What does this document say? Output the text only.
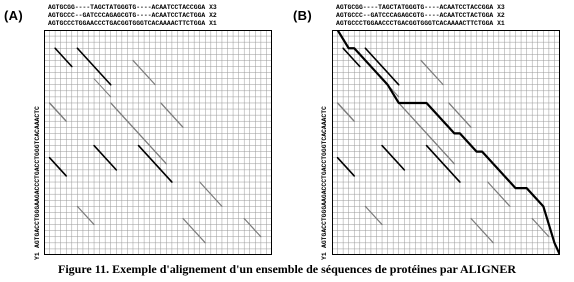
(A)
AGTGCGG----TAGCTATGGGTG----ACAATCCTACCGGA X3
AGTGCCC--GATCCCAGAGCGTG----ACAATCCTACTGGA X2
AGTGCCCTGGAACCCTGACGGTGGGTCACAAAACTTCTGGA X1
AGTGACCTGGGAAGACCCTGACCTGGGTCACAAACTC
Y1
(B)
AGTGCGG----TAGCTATGGGTG----ACAATCCTACCGGA X3
AGTGCCC--GATCCCAGAGCGTG----ACAATCCTACTGGA X2
AGTGCCCTGGAACCCTGACGGTGGGTCACAAAACTTCTGGA X1
AGTGACCTGGGAAGACCCTGACCTGGGTCACAAACTC
Y1
Figure 11. Exemple d'alignement d'un ensemble de séquences de protéines par ALIGNER
